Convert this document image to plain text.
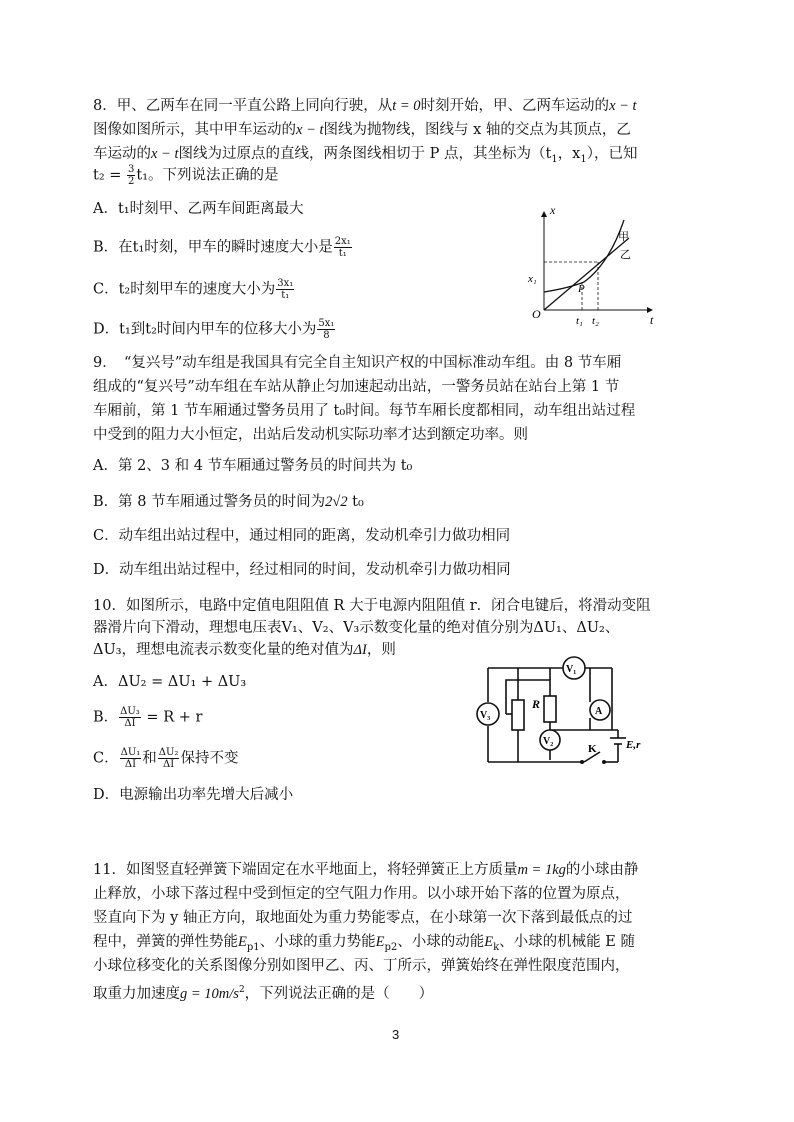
8．甲、乙两车在同一平直公路上同向行驶，从t = 0时刻开始，甲、乙两车运动的x − t
图像如图所示，其中甲车运动的x − t图线为抛物线，图线与 x 轴的交点为其顶点，乙
车运动的x − t图线为过原点的直线，两条图线相切于 P 点，其坐标为（$t_1$，$x_1$），已知
$t_2 = \frac{3}{2} t_1$。下列说法正确的是
A．t₁时刻甲、乙两车间距离最大
B．在t₁时刻，甲车的瞬时速度大小是 $\frac{\text{2x₁}}{\text{t₁}}$
C．t₂时刻甲车的速度大小为 $\frac{\text{3x₁}}{\text{t₁}}$
D．t₁到t₂时间内甲车的位移大小为 $\frac{\text{5x₁}}{8}$
x
t
O
甲
乙
P
x₁
t₁ t₂
9．　“复兴号”动车组是我国具有完全自主知识产权的中国标准动车组。由 8 节车厢
组成的“复兴号”动车组在车站从静止匀加速起动出站，一警务员站在站台上第 1 节
车厢前，第 1 节车厢通过警务员用了 t₀时间。每节车厢长度都相同，动车组出站过程
中受到的阻力大小恒定，出站后发动机实际功率才达到额定功率。则
A．第 2、3 和 4 节车厢通过警务员的时间共为 t₀
B．第 8 节车厢通过警务员的时间为2√2 t₀
C．动车组出站过程中，通过相同的距离，发动机牵引力做功相同
D．动车组出站过程中，经过相同的时间，发动机牵引力做功相同
10．如图所示，电路中定值电阻阻值 R 大于电源内阻阻值 r．闭合电键后，将滑动变阻
器滑片向下滑动，理想电压表V₁、V₂、V₃示数变化量的绝对值分别为ΔU₁、ΔU₂、
ΔU₃，理想电流表示数变化量的绝对值为ΔI，则
A．ΔU₂ = ΔU₁ + ΔU₃
B． $\frac{\text{ΔU₃}}{\Delta I} = R + r$
C． $\frac{\text{ΔU₁}}{\Delta I}$ 和 $\frac{\text{ΔU₂}}{\Delta I}$ 保持不变
D．电源输出功率先增大后减小
V₃
V₁
A
V₂
R
K	E,r
11．如图竖直轻弹簧下端固定在水平地面上，将轻弹簧正上方质量m = 1kg的小球由静
止释放，小球下落过程中受到恒定的空气阻力作用。以小球开始下落的位置为原点，
竖直向下为 y 轴正方向，取地面处为重力势能零点，在小球第一次下落到最低点的过
程中，弹簧的弹性势能$E_{p1}$、小球的重力势能$E_{p2}$、小球的动能$E_k$、小球的机械能 E 随
小球位移变化的关系图像分别如图甲乙、丙、丁所示，弹簧始终在弹性限度范围内，
取重力加速度$g = 10m/s^2$，下列说法正确的是（　　）
3
